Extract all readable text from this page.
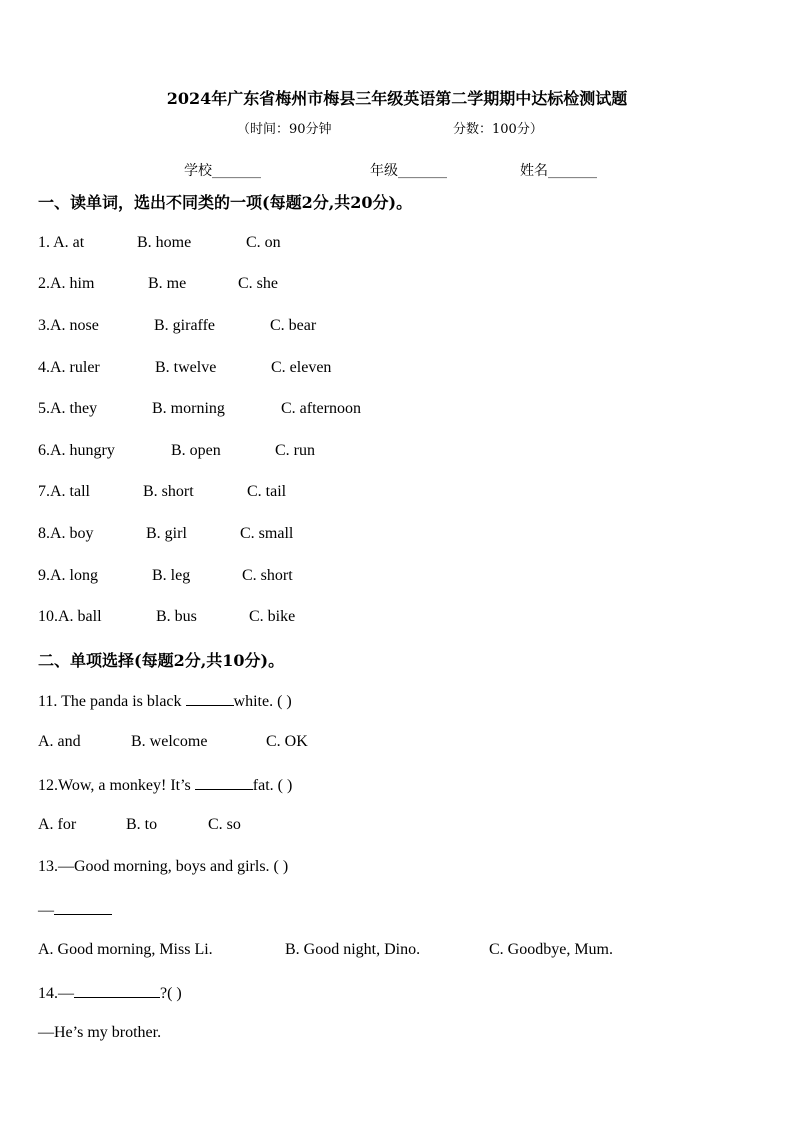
2024年广东省梅州市梅县三年级英语第二学期期中达标检测试题
（时间：90分钟	分数：100分）
学校_______	年级_______	姓名_______
一、读单词，选出不同类的一项(每题2分,共20分)。
1. A. at	B. home	C. on
2.A. him	B. me	C. she
3.A. nose	B. giraffe	C. bear
4.A. ruler	B. twelve	C. eleven
5.A. they	B. morning	C. afternoon
6.A. hungry	B. open	C. run
7.A. tall	B. short	C. tail
8.A. boy	B. girl	C. small
9.A. long	B. leg	C. short
10.A. ball	B. bus	C. bike
二、单项选择(每题2分,共10分)。
11. The panda is black	white. ( )
A. and	B. welcome	C. OK
12.Wow, a monkey! It’s	fat. ( )
A. for	B. to	C. so
13.—Good morning, boys and girls. ( )
—
A. Good morning, Miss Li.	B. Good night, Dino.	C. Goodbye, Mum.
14.—	?( )
—He’s my brother.
